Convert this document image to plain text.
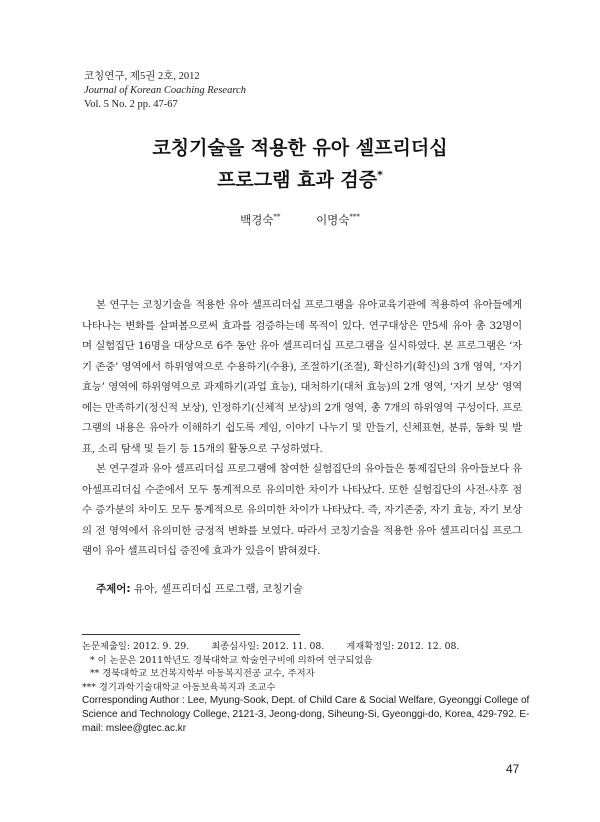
코칭연구, 제5권 2호, 2012
Journal of Korean Coaching Research
Vol. 5 No. 2 pp. 47-67
코칭기술을 적용한 유아 셀프리더십
프로그램 효과 검증*
백경숙**	이명숙***

본 연구는 코칭기술을 적용한 유아 셀프리더십 프로그램을 유아교육기관에 적용하여 유아들에게 나타나는 변화를 살펴봄으로써 효과를 검증하는데 목적이 있다. 연구대상은 만5세 유아 총 32명이며 실험집단 16명을 대상으로 6주 동안 유아 셀프리더십 프로그램을 실시하였다. 본 프로그램은 ‘자기 존중’ 영역에서 하위영역으로 수용하기(수용), 조절하기(조절), 확신하기(확신)의 3개 영역, ‘자기 효능’ 영역에 하위영역으로 과제하기(과업 효능), 대처하기(대처 효능)의 2개 영역, ‘자기 보상’ 영역에는 만족하기(정신적 보상), 인정하기(신체적 보상)의 2개 영역, 총 7개의 하위영역 구성이다. 프로그램의 내용은 유아가 이해하기 쉽도록 게임, 이야기 나누기 및 만들기, 신체표현, 분류, 동화 및 발표, 소리 탐색 및 듣기 등 15개의 활동으로 구성하였다.

본 연구결과 유아 셀프리더십 프로그램에 참여한 실험집단의 유아들은 통제집단의 유아들보다 유아셀프리더십 수준에서 모두 통계적으로 유의미한 차이가 나타났다. 또한 실험집단의 사전-사후 점수 증가분의 차이도 모두 통계적으로 유의미한 차이가 나타났다. 즉, 자기존중, 자기 효능, 자기 보상의 전 영역에서 유의미한 긍정적 변화를 보였다. 따라서 코칭기술을 적용한 유아 셀프리더십 프로그램이 유아 셀프리더십 증진에 효과가 있음이 밝혀졌다.

주제어: 유아, 셀프리더십 프로그램, 코칭기술
논문제출일: 2012. 9. 29. 최종심사일: 2012. 11. 08. 게재확정일: 2012. 12. 08.
* 이 논문은 2011학년도 경북대학교 학술연구비에 의하여 연구되었음
** 경북대학교 보건복지학부 아동복지전공 교수, 주저자
*** 경기과학기술대학교 아동보육복지과 조교수
Corresponding Author : Lee, Myung-Sook, Dept. of Child Care & Social Welfare, Gyeonggi College of Science and Technology College, 2121-3, Jeong-dong, Siheung-Si, Gyeonggi-do, Korea, 429-792. E-mail: mslee@gtec.ac.kr
47
